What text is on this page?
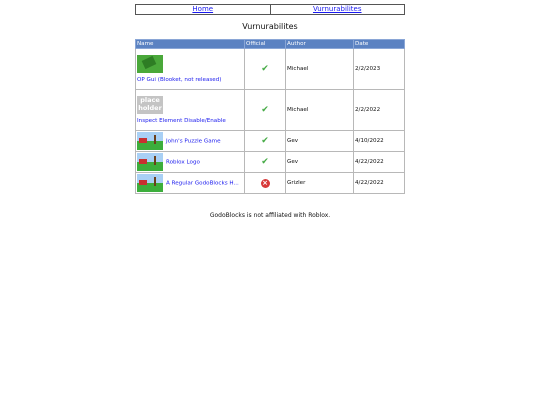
Home	Vurnurabilites
Vurnurabilites
Name	Official	Author	Date

OP Gui (Blooket, not released)	✔	Michael	2/2/2023

place holder
Inspect Element Disable/Enable	✔	Michael	2/2/2022
John's Puzzle Game	✔	Gev	4/10/2022
Roblox Logo	✔	Gev	4/22/2022
A Regular GodoBlocks H...	×	Grizler	4/22/2022
GodoBlocks is not affiliated with Roblox.
